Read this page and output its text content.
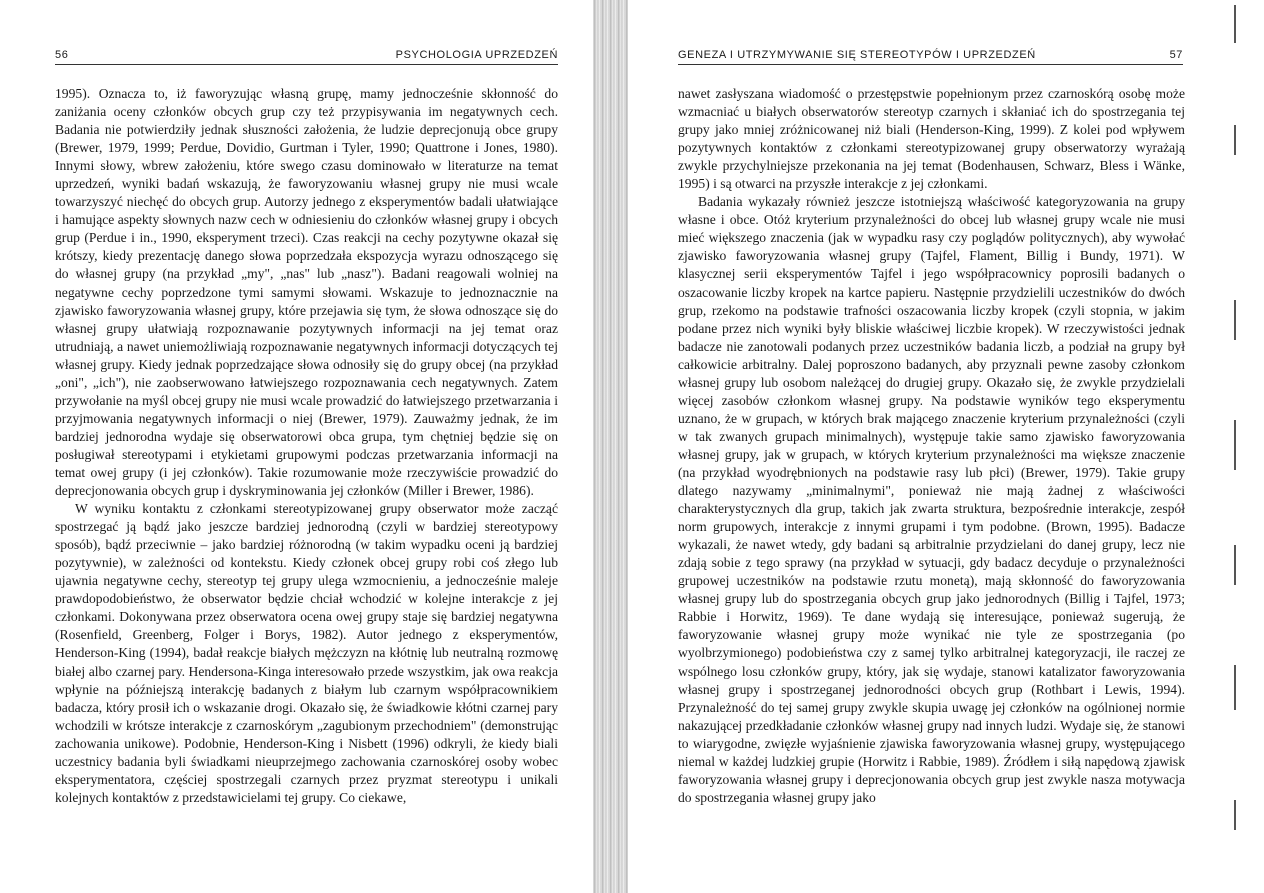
56	PSYCHOLOGIA UPRZEDZEŃ

1995). Oznacza to, iż faworyzując własną grupę, mamy jednocześnie skłonność do zaniżania oceny członków obcych grup czy też przypisywania im negatywnych cech. Badania nie potwierdziły jednak słuszności założenia, że ludzie deprecjonują obce grupy (Brewer, 1979, 1999; Perdue, Dovidio, Gurtman i Tyler, 1990; Quattrone i Jones, 1980). Innymi słowy, wbrew założeniu, które swego czasu dominowało w literaturze na temat uprzedzeń, wyniki badań wskazują, że faworyzowaniu własnej grupy nie musi wcale towarzyszyć niechęć do obcych grup. Autorzy jednego z eksperymentów badali ułatwiające i hamujące aspekty słownych nazw cech w odniesieniu do członków własnej grupy i obcych grup (Perdue i in., 1990, eksperyment trzeci). Czas reakcji na cechy pozytywne okazał się krótszy, kiedy prezentację danego słowa poprzedzała ekspozycja wyrazu odnoszącego się do własnej grupy (na przykład „my", „nas" lub „nasz"). Badani reagowali wolniej na negatywne cechy poprzedzone tymi samymi słowami. Wskazuje to jednoznacznie na zjawisko faworyzowania własnej grupy, które przejawia się tym, że słowa odnoszące się do własnej grupy ułatwiają rozpoznawanie pozytywnych informacji na jej temat oraz utrudniają, a nawet uniemożliwiają rozpoznawanie negatywnych informacji dotyczących tej własnej grupy. Kiedy jednak poprzedzające słowa odnosiły się do grupy obcej (na przykład „oni", „ich"), nie zaobserwowano łatwiejszego rozpoznawania cech negatywnych. Zatem przywołanie na myśl obcej grupy nie musi wcale prowadzić do łatwiejszego przetwarzania i przyjmowania negatywnych informacji o niej (Brewer, 1979). Zauważmy jednak, że im bardziej jednorodna wydaje się obserwatorowi obca grupa, tym chętniej będzie się on posługiwał stereotypami i etykietami grupowymi podczas przetwarzania informacji na temat owej grupy (i jej członków). Takie rozumowanie może rzeczywiście prowadzić do deprecjonowania obcych grup i dyskryminowania jej członków (Miller i Brewer, 1986).

W wyniku kontaktu z członkami stereotypizowanej grupy obserwator może zacząć spostrzegać ją bądź jako jeszcze bardziej jednorodną (czyli w bardziej stereotypowy sposób), bądź przeciwnie – jako bardziej różnorodną (w takim wypadku oceni ją bardziej pozytywnie), w zależności od kontekstu. Kiedy członek obcej grupy robi coś złego lub ujawnia negatywne cechy, stereotyp tej grupy ulega wzmocnieniu, a jednocześnie maleje prawdopodobieństwo, że obserwator będzie chciał wchodzić w kolejne interakcje z jej członkami. Dokonywana przez obserwatora ocena owej grupy staje się bardziej negatywna (Rosenfield, Greenberg, Folger i Borys, 1982). Autor jednego z eksperymentów, Henderson-King (1994), badał reakcje białych mężczyzn na kłótnię lub neutralną rozmowę białej albo czarnej pary. Hendersona-Kinga interesowało przede wszystkim, jak owa reakcja wpłynie na późniejszą interakcję badanych z białym lub czarnym współpracownikiem badacza, który prosił ich o wskazanie drogi. Okazało się, że świadkowie kłótni czarnej pary wchodzili w krótsze interakcje z czarnoskórym „zagubionym przechodniem" (demonstrując zachowania unikowe). Podobnie, Henderson-King i Nisbett (1996) odkryli, że kiedy biali uczestnicy badania byli świadkami nieuprzejmego zachowania czarnoskórej osoby wobec eksperymentatora, częściej spostrzegali czarnych przez pryzmat stereotypu i unikali kolejnych kontaktów z przedstawicielami tej grupy. Co ciekawe,

GENEZA I UTRZYMYWANIE SIĘ STEREOTYPÓW I UPRZEDZEŃ	57

nawet zasłyszana wiadomość o przestępstwie popełnionym przez czarnoskórą osobę może wzmacniać u białych obserwatorów stereotyp czarnych i skłaniać ich do spostrzegania tej grupy jako mniej zróżnicowanej niż biali (Henderson-King, 1999). Z kolei pod wpływem pozytywnych kontaktów z członkami stereotypizowanej grupy obserwatorzy wyrażają zwykle przychylniejsze przekonania na jej temat (Bodenhausen, Schwarz, Bless i Wänke, 1995) i są otwarci na przyszłe interakcje z jej członkami.

Badania wykazały również jeszcze istotniejszą właściwość kategoryzowania na grupy własne i obce. Otóż kryterium przynależności do obcej lub własnej grupy wcale nie musi mieć większego znaczenia (jak w wypadku rasy czy poglądów politycznych), aby wywołać zjawisko faworyzowania własnej grupy (Tajfel, Flament, Billig i Bundy, 1971). W klasycznej serii eksperymentów Tajfel i jego współpracownicy poprosili badanych o oszacowanie liczby kropek na kartce papieru. Następnie przydzielili uczestników do dwóch grup, rzekomo na podstawie trafności oszacowania liczby kropek (czyli stopnia, w jakim podane przez nich wyniki były bliskie właściwej liczbie kropek). W rzeczywistości jednak badacze nie zanotowali podanych przez uczestników badania liczb, a podział na grupy był całkowicie arbitralny. Dalej poproszono badanych, aby przyznali pewne zasoby członkom własnej grupy lub osobom należącej do drugiej grupy. Okazało się, że zwykle przydzielali więcej zasobów członkom własnej grupy. Na podstawie wyników tego eksperymentu uznano, że w grupach, w których brak mającego znaczenie kryterium przynależności (czyli w tak zwanych grupach minimalnych), występuje takie samo zjawisko faworyzowania własnej grupy, jak w grupach, w których kryterium przynależności ma większe znaczenie (na przykład wyodrębnionych na podstawie rasy lub płci) (Brewer, 1979). Takie grupy dlatego nazywamy „minimalnymi", ponieważ nie mają żadnej z właściwości charakterystycznych dla grup, takich jak zwarta struktura, bezpośrednie interakcje, zespół norm grupowych, interakcje z innymi grupami i tym podobne. (Brown, 1995). Badacze wykazali, że nawet wtedy, gdy badani są arbitralnie przydzielani do danej grupy, lecz nie zdają sobie z tego sprawy (na przykład w sytuacji, gdy badacz decyduje o przynależności grupowej uczestników na podstawie rzutu monetą), mają skłonność do faworyzowania własnej grupy lub do spostrzegania obcych grup jako jednorodnych (Billig i Tajfel, 1973; Rabbie i Horwitz, 1969). Te dane wydają się interesujące, ponieważ sugerują, że faworyzowanie własnej grupy może wynikać nie tyle ze spostrzegania (po wyolbrzymionego) podobieństwa czy z samej tylko arbitralnej kategoryzacji, ile raczej ze wspólnego losu członków grupy, który, jak się wydaje, stanowi katalizator faworyzowania własnej grupy i spostrzeganej jednorodności obcych grup (Rothbart i Lewis, 1994). Przynależność do tej samej grupy zwykle skupia uwagę jej członków na ogólnionej normie nakazującej przedkładanie członków własnej grupy nad innych ludzi. Wydaje się, że stanowi to wiarygodne, zwięzłe wyjaśnienie zjawiska faworyzowania własnej grupy, występującego niemal w każdej ludzkiej grupie (Horwitz i Rabbie, 1989). Źródłem i siłą napędową zjawisk faworyzowania własnej grupy i deprecjonowania obcych grup jest zwykle nasza motywacja do spostrzegania własnej grupy jako
